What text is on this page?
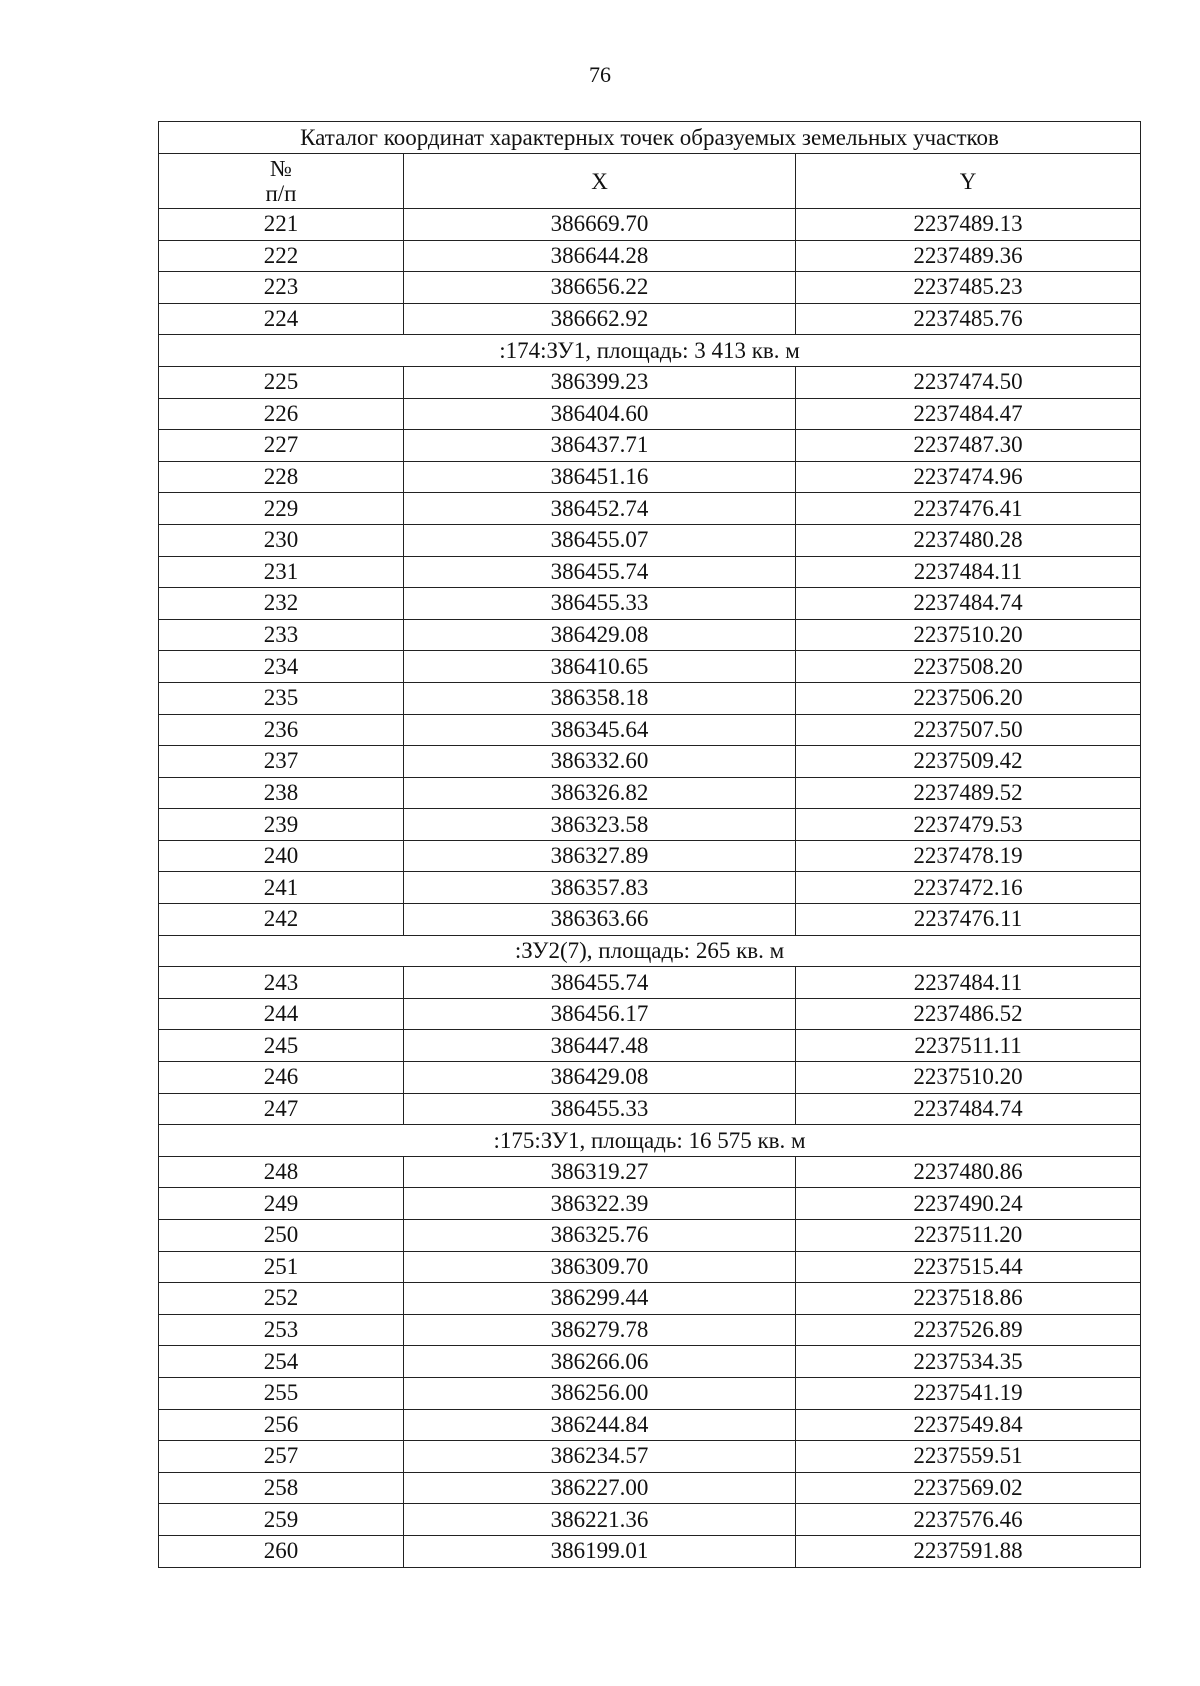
76
Каталог координат характерных точек образуемых земельных участков		

№
п/п	X	Y
221	386669.70	2237489.13
222	386644.28	2237489.36
223	386656.22	2237485.23
224	386662.92	2237485.76
:174:ЗУ1, площадь: 3 413 кв. м		
225	386399.23	2237474.50
226	386404.60	2237484.47
227	386437.71	2237487.30
228	386451.16	2237474.96
229	386452.74	2237476.41
230	386455.07	2237480.28
231	386455.74	2237484.11
232	386455.33	2237484.74
233	386429.08	2237510.20
234	386410.65	2237508.20
235	386358.18	2237506.20
236	386345.64	2237507.50
237	386332.60	2237509.42
238	386326.82	2237489.52
239	386323.58	2237479.53
240	386327.89	2237478.19
241	386357.83	2237472.16
242	386363.66	2237476.11
:ЗУ2(7), площадь: 265 кв. м		
243	386455.74	2237484.11
244	386456.17	2237486.52
245	386447.48	2237511.11
246	386429.08	2237510.20
247	386455.33	2237484.74
:175:ЗУ1, площадь: 16 575 кв. м		
248	386319.27	2237480.86
249	386322.39	2237490.24
250	386325.76	2237511.20
251	386309.70	2237515.44
252	386299.44	2237518.86
253	386279.78	2237526.89
254	386266.06	2237534.35
255	386256.00	2237541.19
256	386244.84	2237549.84
257	386234.57	2237559.51
258	386227.00	2237569.02
259	386221.36	2237576.46
260	386199.01	2237591.88
